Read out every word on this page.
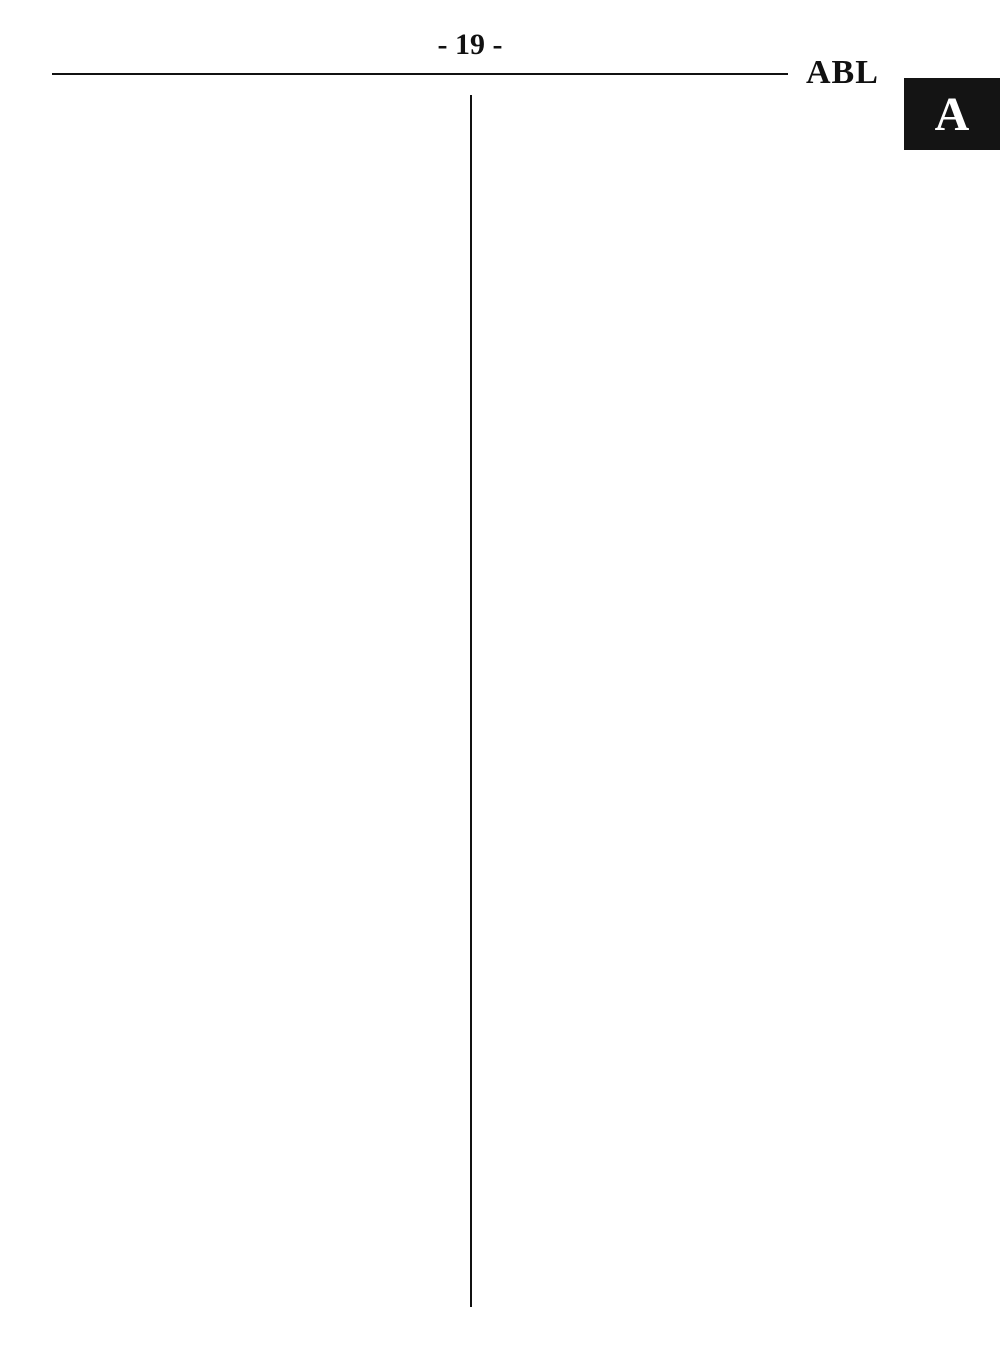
- 19 -
ABL
A
